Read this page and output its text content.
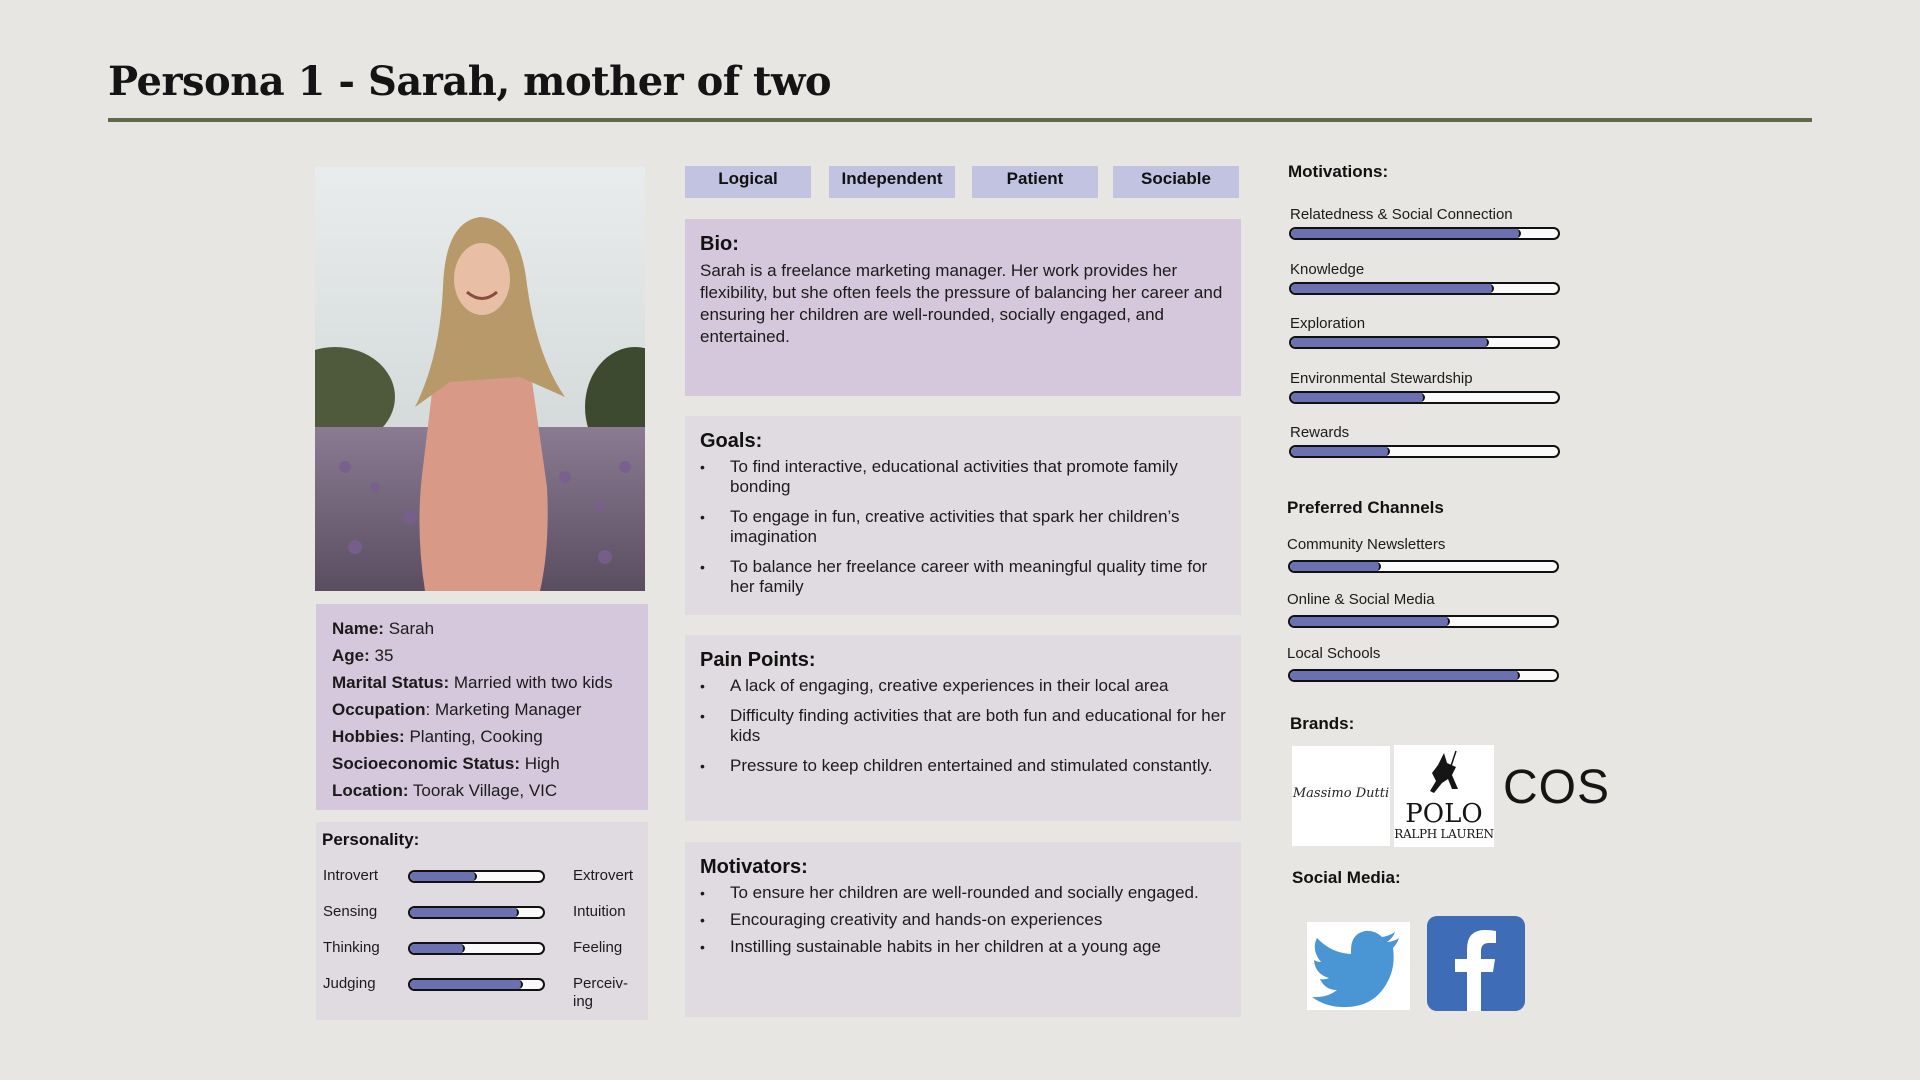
Persona 1 - Sarah, mother of two
Name: Sarah
Age: 35
Marital Status: Married with two kids
Occupation: Marketing Manager
Hobbies: Planting, Cooking
Socioeconomic Status: High
Location: Toorak Village, VIC
Personality:
Introvert	Extrovert
Sensing	Intuition
Thinking	Feeling
Judging	Perceiv-ing
Logical	Independent	Patient	Sociable
Bio:

Sarah is a freelance marketing manager. Her work provides her flexibility, but she often feels the pressure of balancing her career and ensuring her children are well-rounded, socially engaged, and entertained.

Goals:
• To find interactive, educational activities that promote family bonding
• To engage in fun, creative activities that spark her children’s imagination
• To balance her freelance career with meaningful quality time for her family
Pain Points:
• A lack of engaging, creative experiences in their local area
• Difficulty finding activities that are both fun and educational for her kids
• Pressure to keep children entertained and stimulated constantly.
Motivators:
• To ensure her children are well-rounded and socially engaged.
• Encouraging creativity and hands-on experiences
• Instilling sustainable habits in her children at a young age
Motivations:
Relatedness & Social Connection
Knowledge
Exploration
Environmental Stewardship
Rewards
Preferred Channels
Community Newsletters
Online & Social Media
Local Schools
Brands:
Massimo Dutti
POLO
RALPH LAUREN
COS
Social Media:
